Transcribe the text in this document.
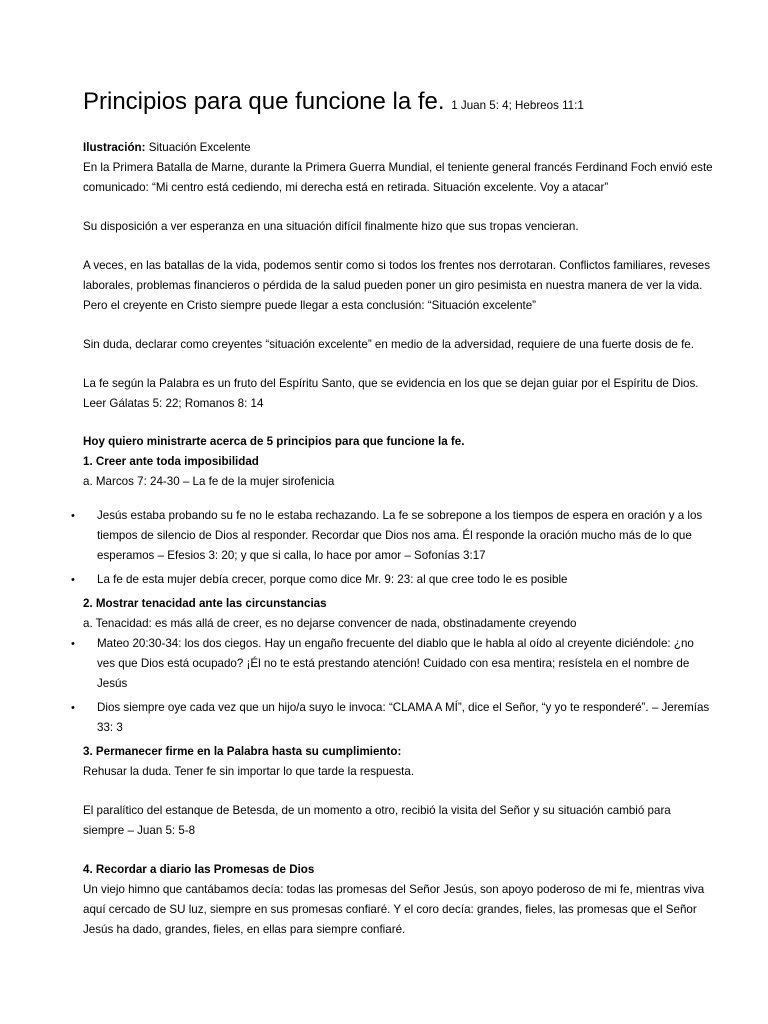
Principios para que funcione la fe. 1 Juan 5: 4; Hebreos 11:1

Ilustración: Situación Excelente

En la Primera Batalla de Marne, durante la Primera Guerra Mundial, el teniente general francés Ferdinand Foch envió este comunicado: “Mi centro está cediendo, mi derecha está en retirada. Situación excelente. Voy a atacar”

Su disposición a ver esperanza en una situación difícil finalmente hizo que sus tropas vencieran.

A veces, en las batallas de la vida, podemos sentir como si todos los frentes nos derrotaran. Conflictos familiares, reveses laborales, problemas financieros o pérdida de la salud pueden poner un giro pesimista en nuestra manera de ver la vida. Pero el creyente en Cristo siempre puede llegar a esta conclusión: “Situación excelente”

Sin duda, declarar como creyentes “situación excelente” en medio de la adversidad, requiere de una fuerte dosis de fe.

La fe según la Palabra es un fruto del Espíritu Santo, que se evidencia en los que se dejan guiar por el Espíritu de Dios. Leer Gálatas 5: 22; Romanos 8: 14

Hoy quiero ministrarte acerca de 5 principios para que funcione la fe.

1. Creer ante toda imposibilidad

a. Marcos 7: 24-30 – La fe de la mujer sirofenicia

• Jesús estaba probando su fe no le estaba rechazando. La fe se sobrepone a los tiempos de espera en oración y a los tiempos de silencio de Dios al responder. Recordar que Dios nos ama. Él responde la oración mucho más de lo que esperamos – Efesios 3: 20; y que si calla, lo hace por amor – Sofonías 3:17
• La fe de esta mujer debía crecer, porque como dice Mr. 9: 23: al que cree todo le es posible

2. Mostrar tenacidad ante las circunstancias

a. Tenacidad: es más allá de creer, es no dejarse convencer de nada, obstinadamente creyendo

• Mateo 20:30-34: los dos ciegos. Hay un engaño frecuente del diablo que le habla al oído al creyente diciéndole: ¿no ves que Dios está ocupado? ¡Él no te está prestando atención! Cuidado con esa mentira; resístela en el nombre de Jesús
• Dios siempre oye cada vez que un hijo/a suyo le invoca: “CLAMA A MÍ”, dice el Señor, “y yo te responderé”. – Jeremías 33: 3

3. Permanecer firme en la Palabra hasta su cumplimiento:

Rehusar la duda. Tener fe sin importar lo que tarde la respuesta.

El paralítico del estanque de Betesda, de un momento a otro, recibió la visita del Señor y su situación cambió para siempre – Juan 5: 5-8

4. Recordar a diario las Promesas de Dios

Un viejo himno que cantábamos decía: todas las promesas del Señor Jesús, son apoyo poderoso de mi fe, mientras viva aquí cercado de SU luz, siempre en sus promesas confiaré. Y el coro decía: grandes, fieles, las promesas que el Señor Jesús ha dado, grandes, fieles, en ellas para siempre confiaré.
